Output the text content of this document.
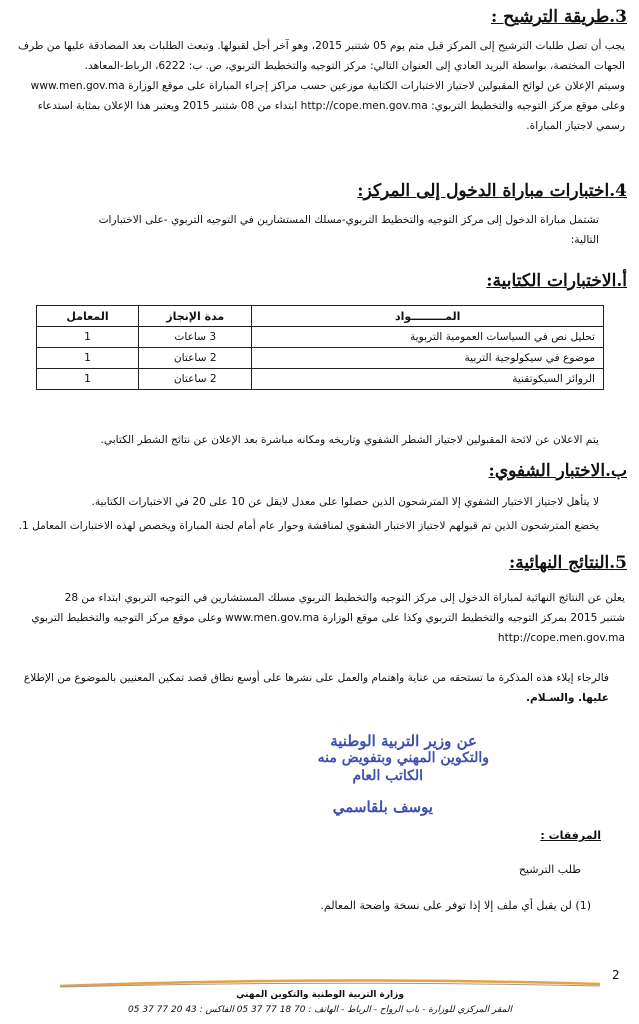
3.طريقة الترشيح :
يجب أن تصل طلبات الترشيح إلى المركز قبل متم يوم 05 شتنبر 2015، وهو آخر أجل لقبولها. وتبعث الطلبات بعد المصادقة عليها من طرف
الجهات المختصة، بواسطة البريد العادي إلى العنوان التالي: مركز التوجيه والتخطيط التربوي، ص. ب: 6222، الرباط-المعاهد.
وسيتم الإعلان عن لوائح المقبولين لاجتياز الاختبارات الكتابية موزعين حسب مراكز إجراء المباراة على موقع الوزارة www.men.gov.ma
وعلى موقع مركز التوجيه والتخطيط التربوي: http://cope.men.gov.ma ابتداء من 08 شتنبر 2015 ويعتبر هذا الإعلان بمثابة استدعاء
رسمي لاجتياز المباراة.
4.اختبارات مباراة الدخول إلى المركز:
تشتمل مباراة الدخول إلى مركز التوجيه والتخطيط التربوي-مسلك المستشارين في التوجيه التربوي -على الاختبارات
التالية:
أ.الاختبارات الكتابية:
المـــــــــواد	مدة الإنجاز	المعامل
تحليل نص في السياسات العمومية التربوية	3 ساعات	1
موضوع في سيكولوجية التربية	2 ساعتان	1
الروائز السيكوتقنية	2 ساعتان	1
يتم الاعلان عن لائحة المقبولين لاجتياز الشطر الشفوي وتاريخه ومكانه مباشرة بعد الإعلان عن نتائج الشطر الكتابي.
ب.الاختبار الشفوي:
لا يتأهل لاجتياز الاختبار الشفوي إلا المترشحون الذين حصلوا على معدل لايقل عن 10 على 20 في الاختبارات الكتابية.
يخضع المترشحون الذين تم قبولهم لاجتياز الاختبار الشفوي لمناقشة وحوار عام أمام لجنة المباراة ويخصص لهذه الاختبارات المعامل 1.
5.النتائج النهائية:
يعلن عن النتائج النهائية لمباراة الدخول إلى مركز التوجيه والتخطيط التربوي مسلك المستشارين في التوجيه التربوي ابتداء من 28
شتنبر 2015 بمركز التوجيه والتخطيط التربوي وكذا على موقع الوزارة www.men.gov.ma وعلى موقع مركز التوجيه والتخطيط التربوي
http://cope.men.gov.ma
فالرجاء إيلاء هذه المذكرة ما تستحقه من عناية واهتمام والعمل على نشرها على أوسع نطاق قصد تمكين المعنيين بالموضوع من الإطلاع
عليها. والسـلام.
عن وزير التربية الوطنية
والتكوين المهني وبتفويض منه
الكاتب العام
يوسف بلقاسمي
المرفقات :
طلب الترشيح
(1) لن يقبل أي ملف إلا إذا توفر على نسخة واضحة المعالم.
2
وزارة التربية الوطنية والتكوين المهني
المقر المركزي للوزارة - باب الرواح - الرباط - الهاتف : 70 18 77 37 05 الفاكس : 43 20 77 37 05
